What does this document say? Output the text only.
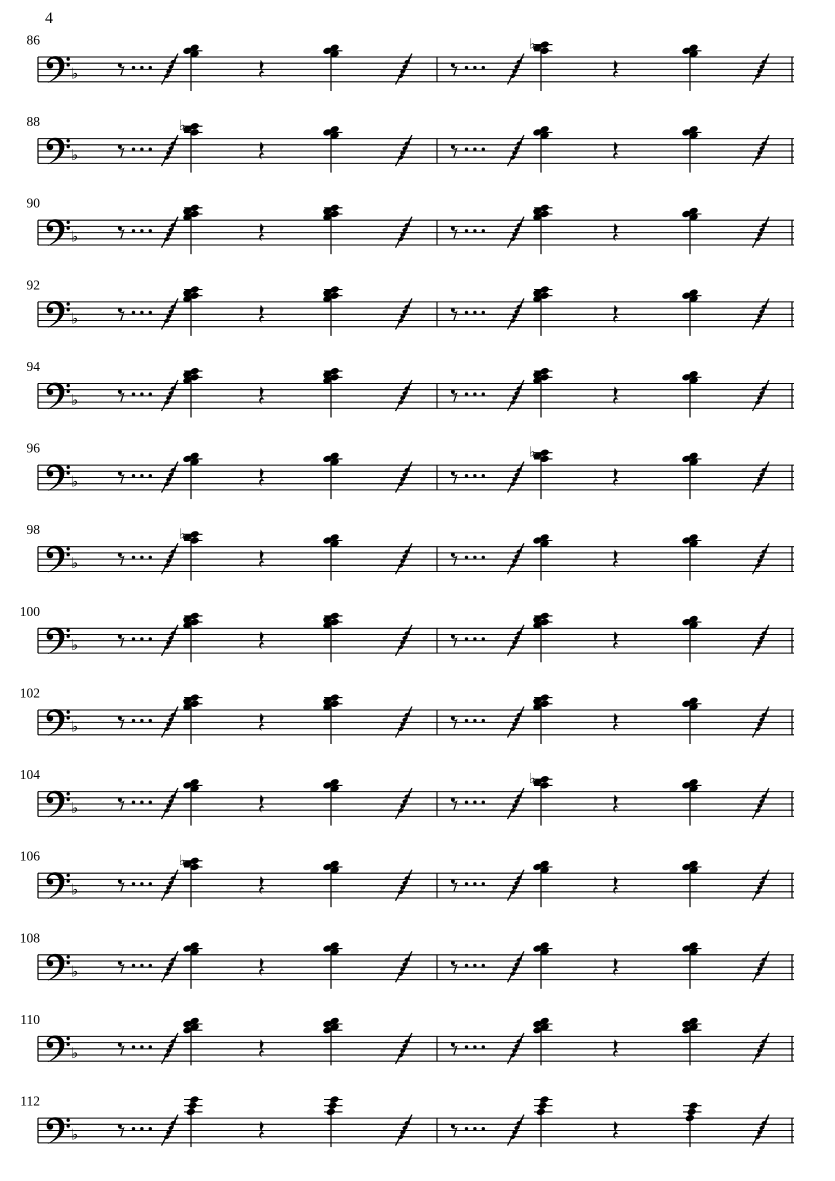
4
86
♭
♭
88
♭
♭
90
♭
92
♭
94
♭
96
♭
♭
98
♭
♭
100
♭
102
♭
104
♭
♭
106
♭
♭
108
♭
110
♭
112
♭
